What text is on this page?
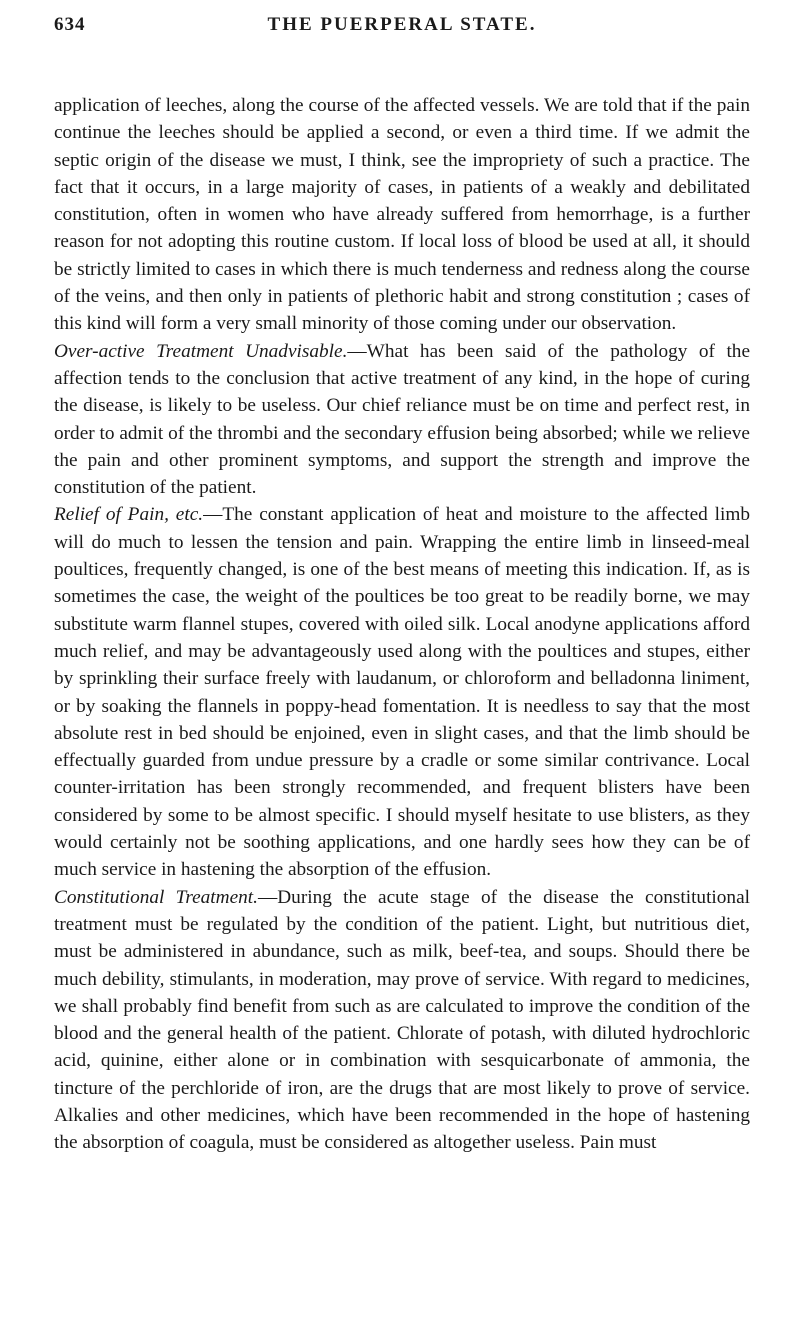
634	THE PUERPERAL STATE.

application of leeches, along the course of the affected vessels. We are told that if the pain continue the leeches should be applied a second, or even a third time. If we admit the septic origin of the disease we must, I think, see the impropriety of such a practice. The fact that it occurs, in a large majority of cases, in patients of a weakly and debilitated constitution, often in women who have already suffered from hemorrhage, is a further reason for not adopting this routine custom. If local loss of blood be used at all, it should be strictly limited to cases in which there is much tenderness and redness along the course of the veins, and then only in patients of plethoric habit and strong constitution ; cases of this kind will form a very small minority of those coming under our observation.

Over-active Treatment Unadvisable.—What has been said of the pathology of the affection tends to the conclusion that active treatment of any kind, in the hope of curing the disease, is likely to be useless. Our chief reliance must be on time and perfect rest, in order to admit of the thrombi and the secondary effusion being absorbed; while we relieve the pain and other prominent symptoms, and support the strength and improve the constitution of the patient.

Relief of Pain, etc.—The constant application of heat and moisture to the affected limb will do much to lessen the tension and pain. Wrapping the entire limb in linseed-meal poultices, frequently changed, is one of the best means of meeting this indication. If, as is sometimes the case, the weight of the poultices be too great to be readily borne, we may substitute warm flannel stupes, covered with oiled silk. Local anodyne applications afford much relief, and may be advantageously used along with the poultices and stupes, either by sprinkling their surface freely with laudanum, or chloroform and belladonna liniment, or by soaking the flannels in poppy-head fomentation. It is needless to say that the most absolute rest in bed should be enjoined, even in slight cases, and that the limb should be effectually guarded from undue pressure by a cradle or some similar contrivance. Local counter-irritation has been strongly recommended, and frequent blisters have been considered by some to be almost specific. I should myself hesitate to use blisters, as they would certainly not be soothing applications, and one hardly sees how they can be of much service in hastening the absorption of the effusion.

Constitutional Treatment.—During the acute stage of the disease the constitutional treatment must be regulated by the condition of the patient. Light, but nutritious diet, must be administered in abundance, such as milk, beef-tea, and soups. Should there be much debility, stimulants, in moderation, may prove of service. With regard to medicines, we shall probably find benefit from such as are calculated to improve the condition of the blood and the general health of the patient. Chlorate of potash, with diluted hydrochloric acid, quinine, either alone or in combination with sesquicarbonate of ammonia, the tincture of the perchloride of iron, are the drugs that are most likely to prove of service. Alkalies and other medicines, which have been recommended in the hope of hastening the absorption of coagula, must be considered as altogether useless. Pain must
